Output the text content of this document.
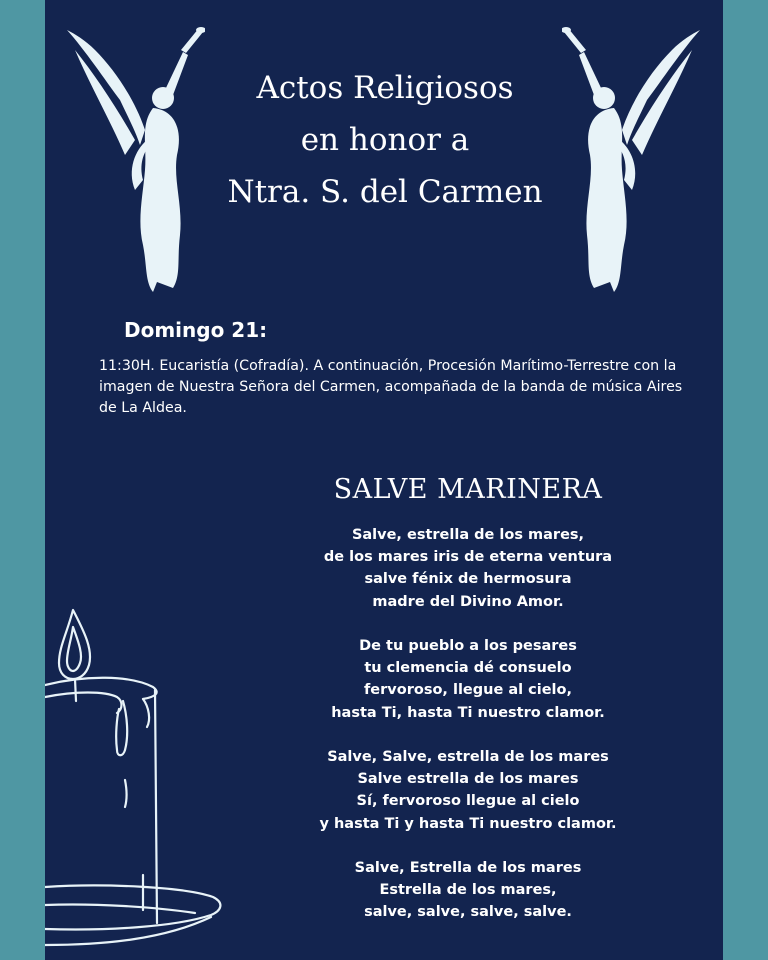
Actos Religiosos
en honor a
Ntra. S. del Carmen
Domingo 21:
11:30H. Eucaristía (Cofradía). A continuación, Procesión Marítimo-Terrestre con la imagen de Nuestra Señora del Carmen, acompañada de la banda de música Aires de La Aldea.
SALVE MARINERA
Salve, estrella de los mares,
de los mares iris de eterna ventura
salve fénix de hermosura
madre del Divino Amor.
De tu pueblo a los pesares
tu clemencia dé consuelo
fervoroso, llegue al cielo,
hasta Ti, hasta Ti nuestro clamor.
Salve, Salve, estrella de los mares
Salve estrella de los mares
Sí, fervoroso llegue al cielo
y hasta Ti y hasta Ti nuestro clamor.
Salve, Estrella de los mares
Estrella de los mares,
salve, salve, salve, salve.
